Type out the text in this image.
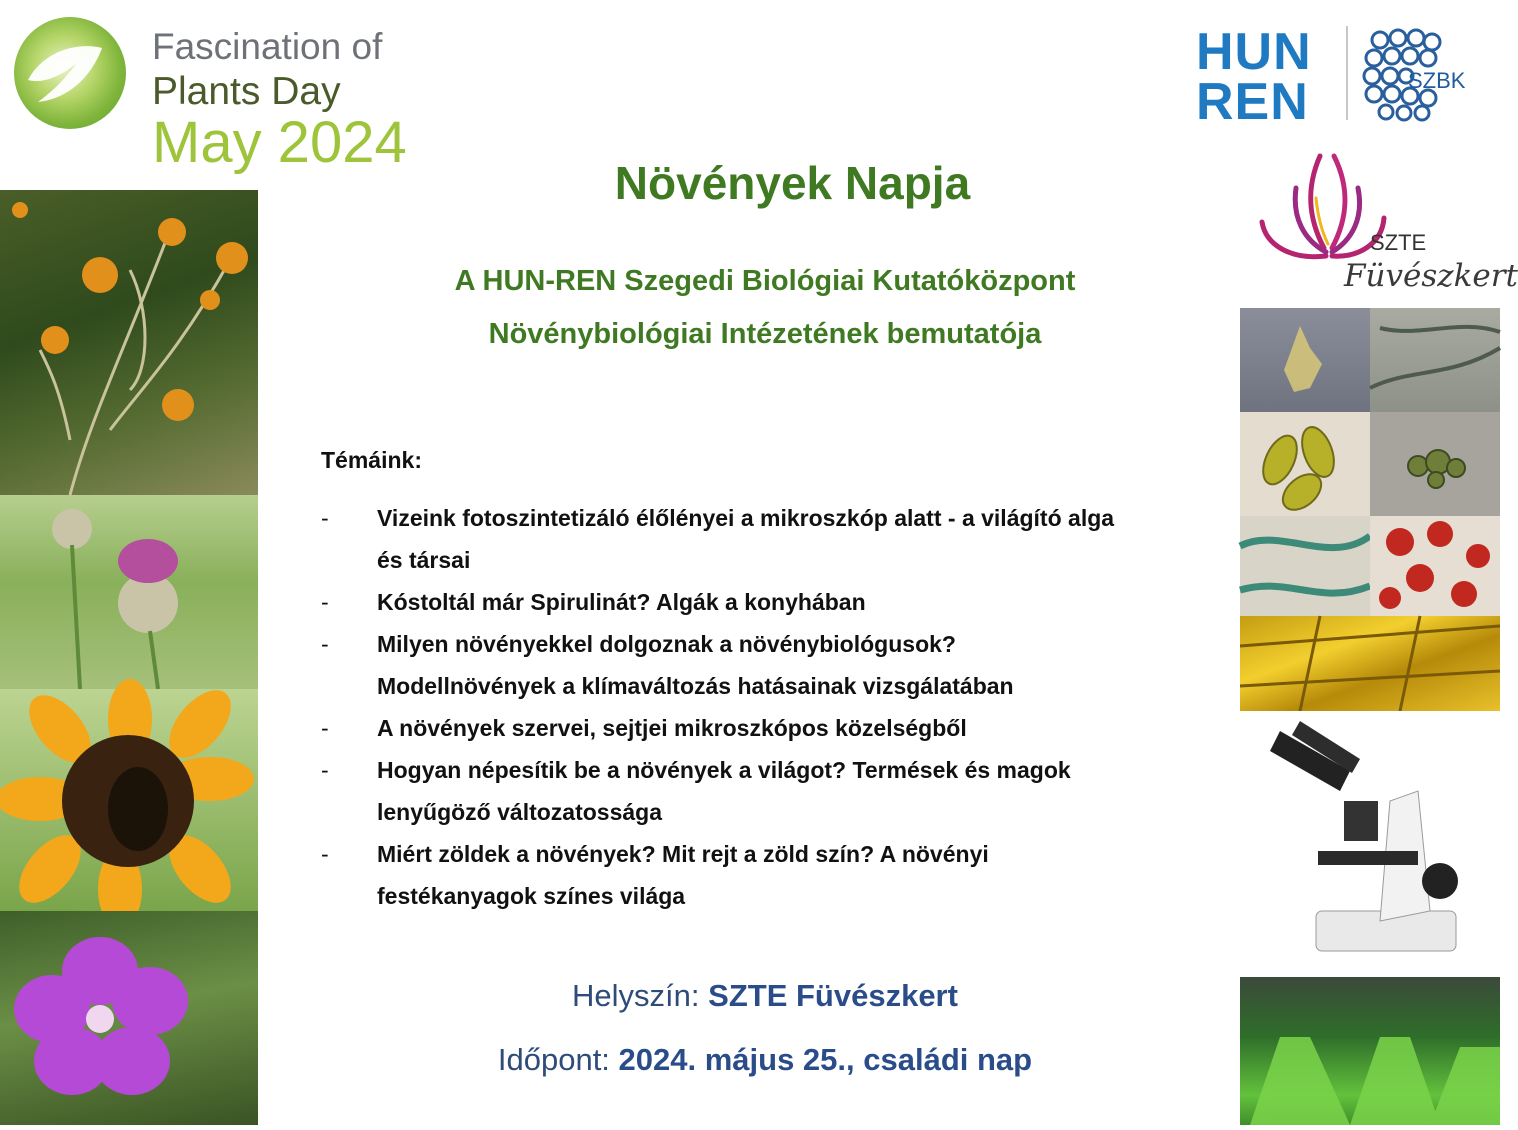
Fascination of
Plants Day
May 2024
HUN
REN	SZBK
SZTE
Füvészkert
Növények Napja
A HUN-REN Szegedi Biológiai Kutatóközpont
Növénybiológiai Intézetének bemutatója
Témáink:
- Vizeink fotoszintetizáló élőlényei a mikroszkóp alatt - a világító alga
és társai
- Kóstoltál már Spirulinát? Algák a konyhában
- Milyen növényekkel dolgoznak a növénybiológusok?
Modellnövények a klímaváltozás hatásainak vizsgálatában
- A növények szervei, sejtjei mikroszkópos közelségből
- Hogyan népesítik be a növények a világot? Termések és magok
lenyűgöző változatossága
- Miért zöldek a növények? Mit rejt a zöld szín? A növényi
festékanyagok színes világa
Helyszín: SZTE Füvészkert
Időpont: 2024. május 25., családi nap
